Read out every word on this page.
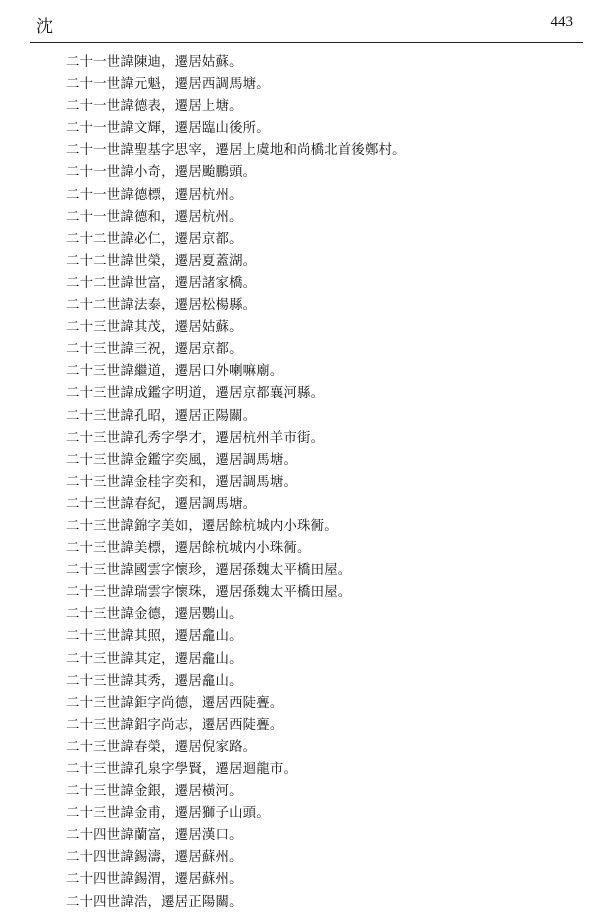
沈	443
二十一世諱陳迪，遷居姑蘇。
二十一世諱元魁，遷居西調馬塘。
二十一世諱德表，遷居上塘。
二十一世諱文輝，遷居臨山後所。
二十一世諱聖基字思宰，遷居上虞地和尚橋北首後鄭村。
二十一世諱小奇，遷居颱鵬頭。
二十一世諱德標，遷居杭州。
二十一世諱德和，遷居杭州。
二十二世諱必仁，遷居京都。
二十二世諱世榮，遷居夏蓋湖。
二十二世諱世富，遷居諸家橋。
二十二世諱法泰，遷居松楊縣。
二十三世諱其茂，遷居姑蘇。
二十三世諱三祝，遷居京都。
二十三世諱繼道，遷居口外喇嘛廟。
二十三世諱成鑑字明道，遷居京都襄河縣。
二十三世諱孔昭，遷居正陽關。
二十三世諱孔秀字學才，遷居杭州羊市街。
二十三世諱金鑑字奕風，遷居調馬塘。
二十三世諱金桂字奕和，遷居調馬塘。
二十三世諱春紀，遷居調馬塘。
二十三世諱錦字美如，遷居餘杭城内小珠衕。
二十三世諱美標，遷居餘杭城内小珠衕。
二十三世諱國雲字懷珍，遷居孫魏太平橋田屋。
二十三世諱瑞雲字懷珠，遷居孫魏太平橋田屋。
二十三世諱金德，遷居鸚山。
二十三世諱其照，遷居龕山。
二十三世諱其定，遷居龕山。
二十三世諱其秀，遷居龕山。
二十三世諱鉅字尚德，遷居西陡亹。
二十三世諱鋁字尚志，遷居西陡亹。
二十三世諱春榮，遷居倪家路。
二十三世諱孔泉字學賢，遷居迴龍市。
二十三世諱金銀，遷居橫河。
二十三世諱金甫，遷居獅子山頭。
二十四世諱蘭富，遷居漢口。
二十四世諱錫濤，遷居蘇州。
二十四世諱錫渭，遷居蘇州。
二十四世諱浩，遷居正陽關。
